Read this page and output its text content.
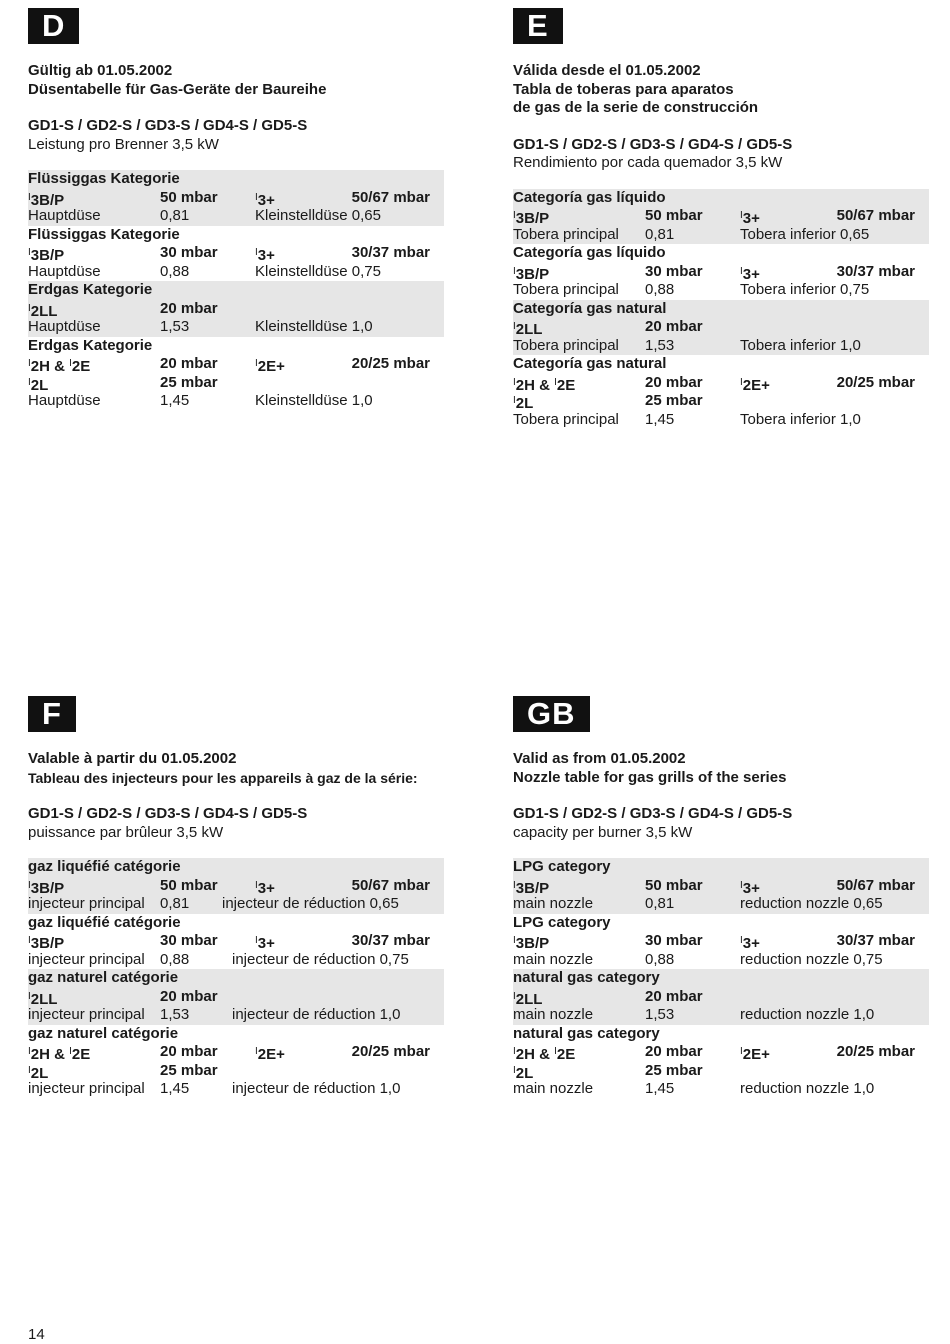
D
Gültig ab 01.05.2002
Düsentabelle für Gas-Geräte der Baureihe
GD1-S / GD2-S / GD3-S / GD4-S / GD5-S
Leistung pro Brenner 3,5 kW
Flüssiggas Kategorie
$^I$3B/P	50 mbar	$^I$3+	50/67 mbar
Hauptdüse	0,81	Kleinstelldüse 0,65
Flüssiggas Kategorie
$^I$3B/P	30 mbar	$^I$3+	30/37 mbar
Hauptdüse	0,88	Kleinstelldüse 0,75
Erdgas Kategorie
$^I$2LL	20 mbar
Hauptdüse	1,53	Kleinstelldüse 1,0
Erdgas Kategorie
$^I$2H & $^I$2E	20 mbar	$^I$2E+	20/25 mbar
$^I$2L	25 mbar
Hauptdüse	1,45	Kleinstelldüse 1,0
E
Válida desde el 01.05.2002
Tabla de toberas para aparatos
de gas de la serie de construcción
GD1-S / GD2-S / GD3-S / GD4-S / GD5-S
Rendimiento por cada quemador 3,5 kW
Categoría gas líquido
$^I$3B/P	50 mbar	$^I$3+	50/67 mbar
Tobera principal	0,81	Tobera inferior 0,65
Categoría gas líquido
$^I$3B/P	30 mbar	$^I$3+	30/37 mbar
Tobera principal	0,88	Tobera inferior 0,75
Categoría gas natural
$^I$2LL	20 mbar
Tobera principal	1,53	Tobera inferior 1,0
Categoría gas natural
$^I$2H & $^I$2E	20 mbar	$^I$2E+	20/25 mbar
$^I$2L	25 mbar
Tobera principal	1,45	Tobera inferior 1,0
F
Valable à partir du 01.05.2002
Tableau des injecteurs pour les appareils à gaz de la série:
GD1-S / GD2-S / GD3-S / GD4-S / GD5-S
puissance par brûleur 3,5 kW
gaz liquéfié catégorie
$^I$3B/P	50 mbar	$^I$3+	50/67 mbar
injecteur principal	0,81	injecteur de réduction 0,65
gaz liquéfié catégorie
$^I$3B/P	30 mbar	$^I$3+	30/37 mbar
injecteur principal	0,88	injecteur de réduction 0,75
gaz naturel catégorie
$^I$2LL	20 mbar
injecteur principal	1,53	injecteur de réduction 1,0
gaz naturel catégorie
$^I$2H & $^I$2E	20 mbar	$^I$2E+	20/25 mbar
$^I$2L	25 mbar
injecteur principal	1,45	injecteur de réduction 1,0
GB
Valid as from 01.05.2002
Nozzle table for gas grills of the series
GD1-S / GD2-S / GD3-S / GD4-S / GD5-S
capacity per burner 3,5 kW
LPG category
$^I$3B/P	50 mbar	$^I$3+	50/67 mbar
main nozzle	0,81	reduction nozzle 0,65
LPG category
$^I$3B/P	30 mbar	$^I$3+	30/37 mbar
main nozzle	0,88	reduction nozzle 0,75
natural gas category
$^I$2LL	20 mbar
main nozzle	1,53	reduction nozzle 1,0
natural gas category
$^I$2H & $^I$2E	20 mbar	$^I$2E+	20/25 mbar
$^I$2L	25 mbar
main nozzle	1,45	reduction nozzle 1,0
14
